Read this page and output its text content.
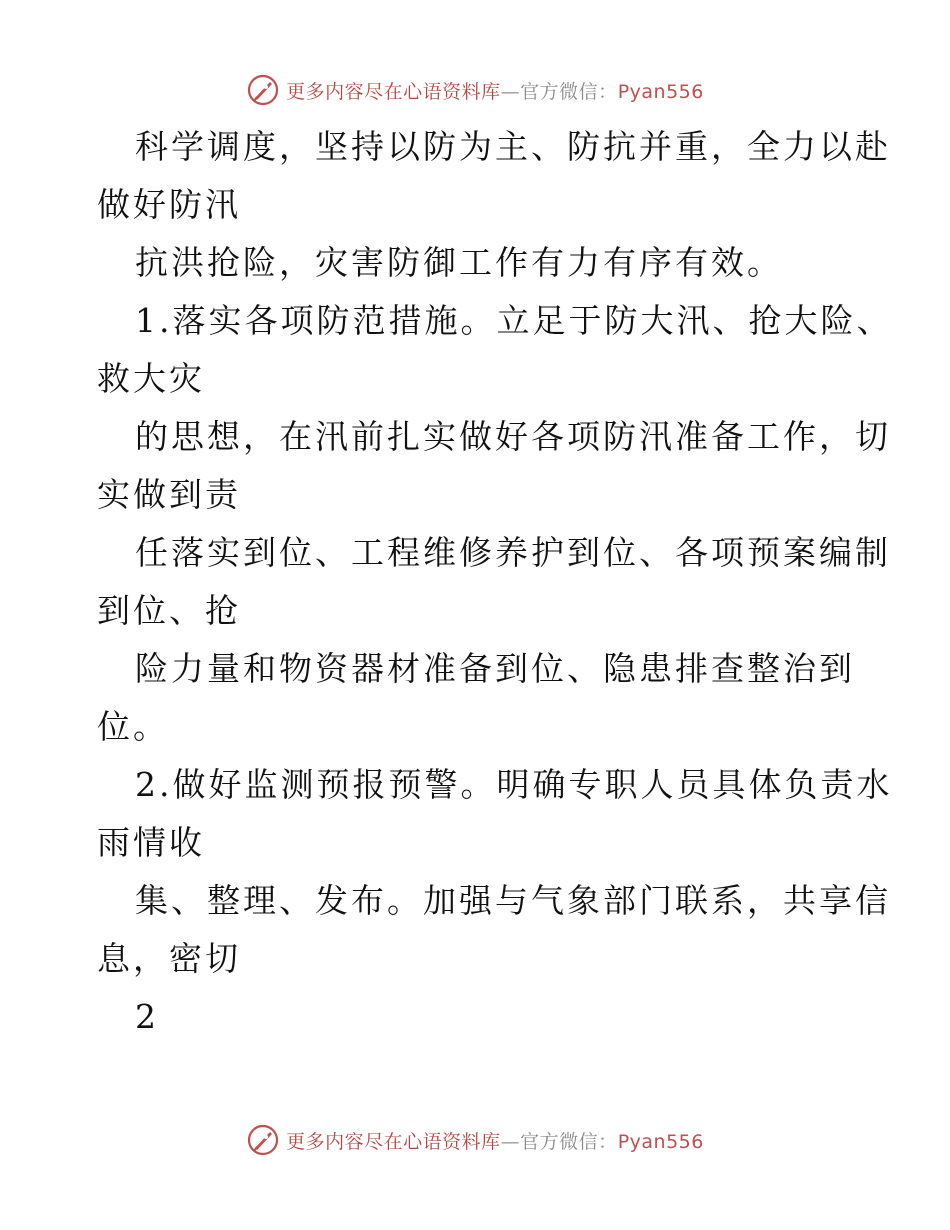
更多内容尽在心语资料库—官方微信：Pyan556
科学调度，坚持以防为主、防抗并重，全力以赴
做好防汛
抗洪抢险，灾害防御工作有力有序有效。
1.落实各项防范措施。立足于防大汛、抢大险、
救大灾
的思想，在汛前扎实做好各项防汛准备工作，切
实做到责
任落实到位、工程维修养护到位、各项预案编制
到位、抢
险力量和物资器材准备到位、隐患排查整治到
位。
2.做好监测预报预警。明确专职人员具体负责水
雨情收
集、整理、发布。加强与气象部门联系，共享信
息，密切
2
更多内容尽在心语资料库—官方微信：Pyan556
